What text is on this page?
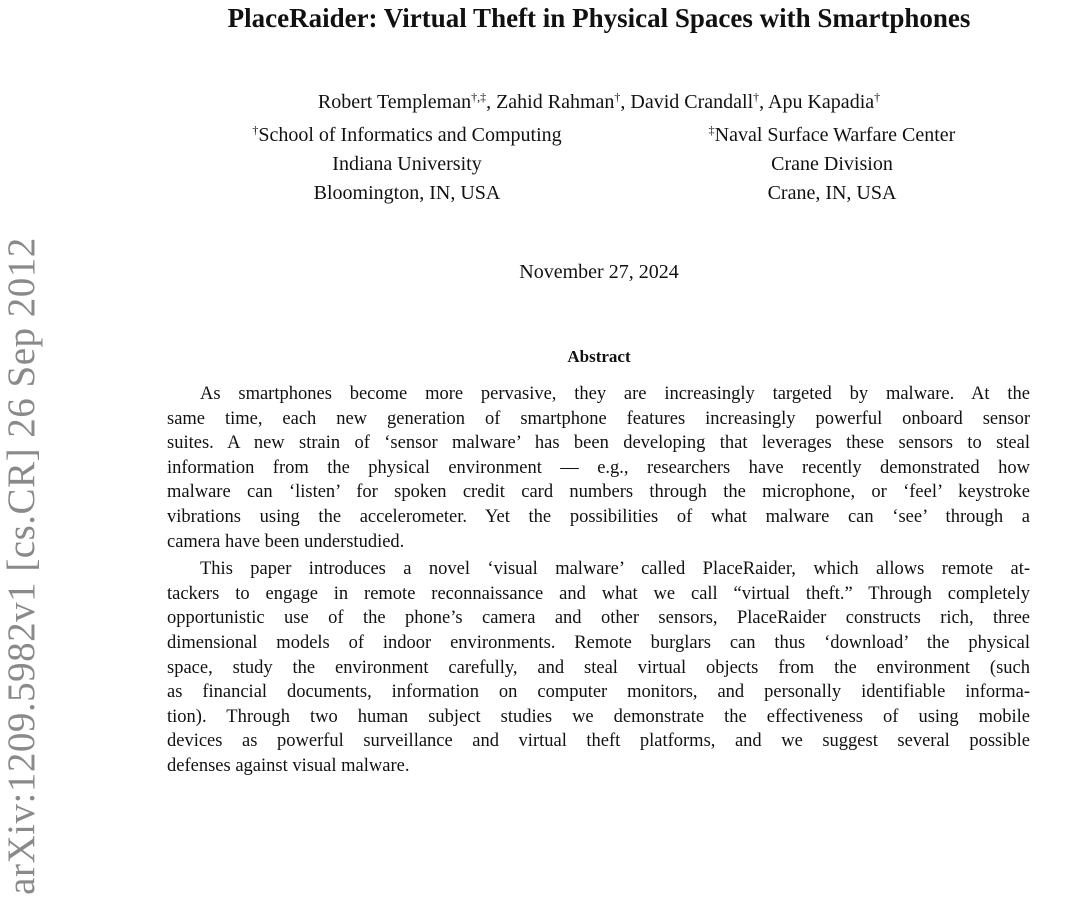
arXiv:1209.5982v1 [cs.CR] 26 Sep 2012
PlaceRaider: Virtual Theft in Physical Spaces with Smartphones
Robert Templeman†,‡, Zahid Rahman†, David Crandall†, Apu Kapadia†
†School of Informatics and Computing
Indiana University
Bloomington, IN, USA
‡Naval Surface Warfare Center
Crane Division
Crane, IN, USA
November 27, 2024
Abstract
As smartphones become more pervasive, they are increasingly targeted by malware. At the
same time, each new generation of smartphone features increasingly powerful onboard sensor
suites. A new strain of ‘sensor malware’ has been developing that leverages these sensors to steal
information from the physical environment — e.g., researchers have recently demonstrated how
malware can ‘listen’ for spoken credit card numbers through the microphone, or ‘feel’ keystroke
vibrations using the accelerometer. Yet the possibilities of what malware can ‘see’ through a
camera have been understudied.
This paper introduces a novel ‘visual malware’ called PlaceRaider, which allows remote at-
tackers to engage in remote reconnaissance and what we call “virtual theft.” Through completely
opportunistic use of the phone’s camera and other sensors, PlaceRaider constructs rich, three
dimensional models of indoor environments. Remote burglars can thus ‘download’ the physical
space, study the environment carefully, and steal virtual objects from the environment (such
as financial documents, information on computer monitors, and personally identifiable informa-
tion). Through two human subject studies we demonstrate the effectiveness of using mobile
devices as powerful surveillance and virtual theft platforms, and we suggest several possible
defenses against visual malware.
